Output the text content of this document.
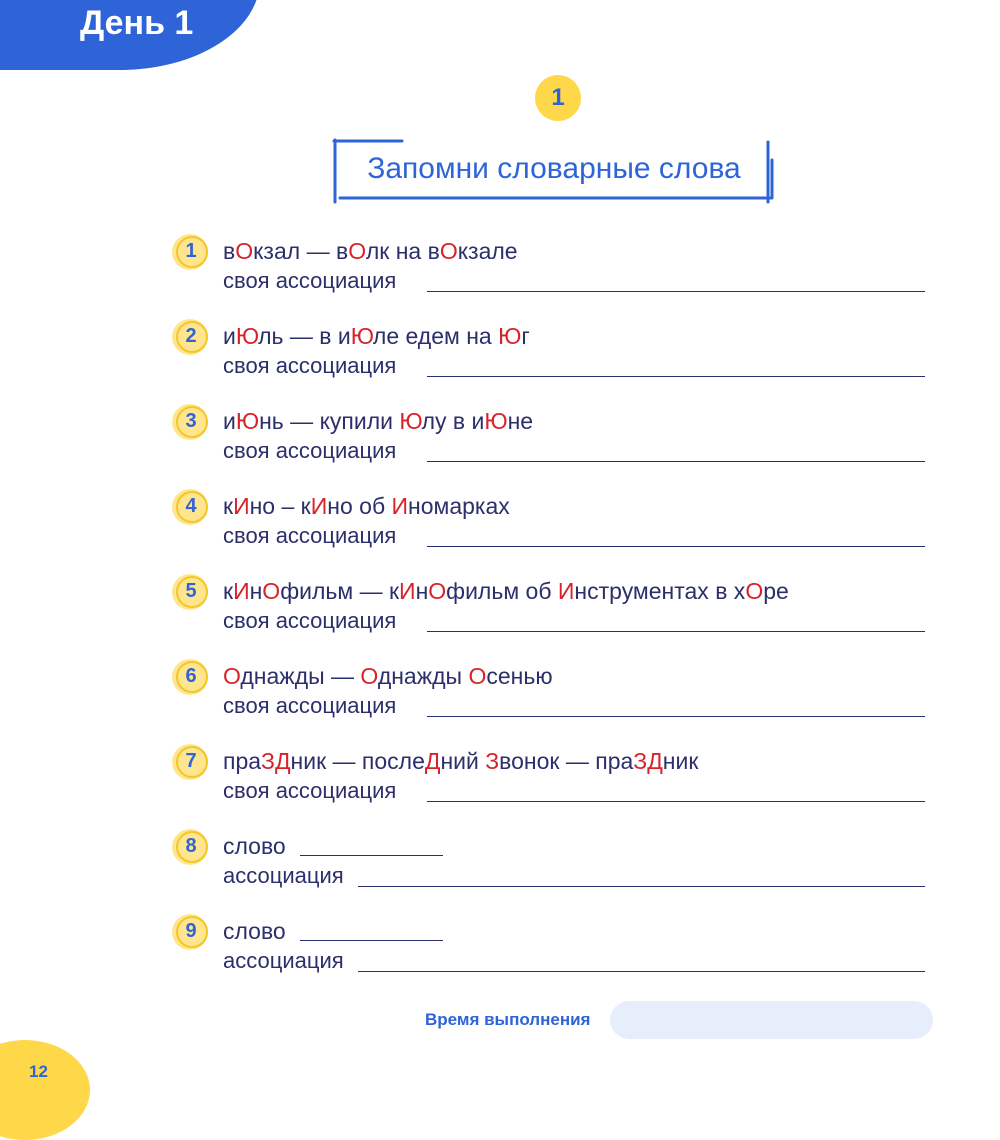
День 1
1
Запомни словарные слова
1	вОкзал — вОлк на вОкзале
своя ассоциация
2	иЮль — в иЮле едем на Юг
своя ассоциация
3	иЮнь — купили Юлу в иЮне
своя ассоциация
4	кИно – кИно об Иномарках
своя ассоциация
5	кИнОфильм — кИнОфильм об Инструментах в хОре
своя ассоциация
6	Однажды — Однажды Осенью
своя ассоциация
7	праЗДник — послеДний Звонок — праЗДник
своя ассоциация
8	слово
ассоциация
9	слово
ассоциация
Время выполнения
12
